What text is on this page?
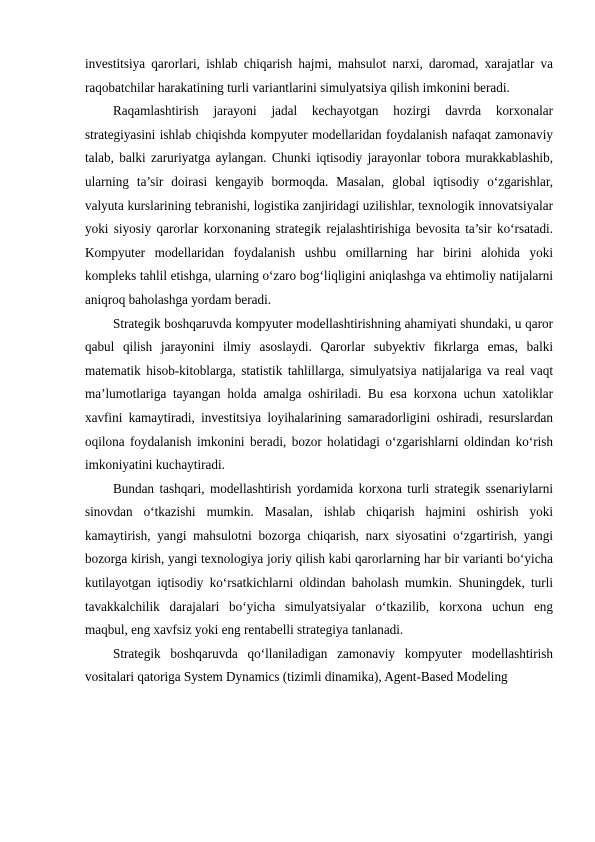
investitsiya qarorlari, ishlab chiqarish hajmi, mahsulot narxi, daromad, xarajatlar va raqobatchilar harakatining turli variantlarini simulyatsiya qilish imkonini beradi.

Raqamlashtirish jarayoni jadal kechayotgan hozirgi davrda korxonalar strategiyasini ishlab chiqishda kompyuter modellaridan foydalanish nafaqat zamonaviy talab, balki zaruriyatga aylangan. Chunki iqtisodiy jarayonlar tobora murakkablashib, ularning ta’sir doirasi kengayib bormoqda. Masalan, global iqtisodiy o‘zgarishlar, valyuta kurslarining tebranishi, logistika zanjiridagi uzilishlar, texnologik innovatsiyalar yoki siyosiy qarorlar korxonaning strategik rejalashtirishiga bevosita ta’sir ko‘rsatadi. Kompyuter modellaridan foydalanish ushbu omillarning har birini alohida yoki kompleks tahlil etishga, ularning o‘zaro bog‘liqligini aniqlashga va ehtimoliy natijalarni aniqroq baholashga yordam beradi.

Strategik boshqaruvda kompyuter modellashtirishning ahamiyati shundaki, u qaror qabul qilish jarayonini ilmiy asoslaydi. Qarorlar subyektiv fikrlarga emas, balki matematik hisob-kitoblarga, statistik tahlillarga, simulyatsiya natijalariga va real vaqt ma’lumotlariga tayangan holda amalga oshiriladi. Bu esa korxona uchun xatoliklar xavfini kamaytiradi, investitsiya loyihalarining samaradorligini oshiradi, resurslardan oqilona foydalanish imkonini beradi, bozor holatidagi o‘zgarishlarni oldindan ko‘rish imkoniyatini kuchaytiradi.

Bundan tashqari, modellashtirish yordamida korxona turli strategik ssenariylarni sinovdan o‘tkazishi mumkin. Masalan, ishlab chiqarish hajmini oshirish yoki kamaytirish, yangi mahsulotni bozorga chiqarish, narx siyosatini o‘zgartirish, yangi bozorga kirish, yangi texnologiya joriy qilish kabi qarorlarning har bir varianti bo‘yicha kutilayotgan iqtisodiy ko‘rsatkichlarni oldindan baholash mumkin. Shuningdek, turli tavakkalchilik darajalari bo‘yicha simulyatsiyalar o‘tkazilib, korxona uchun eng maqbul, eng xavfsiz yoki eng rentabelli strategiya tanlanadi.

Strategik boshqaruvda qo‘llaniladigan zamonaviy kompyuter modellashtirish vositalari qatoriga System Dynamics (tizimli dinamika), Agent-Based Modeling
